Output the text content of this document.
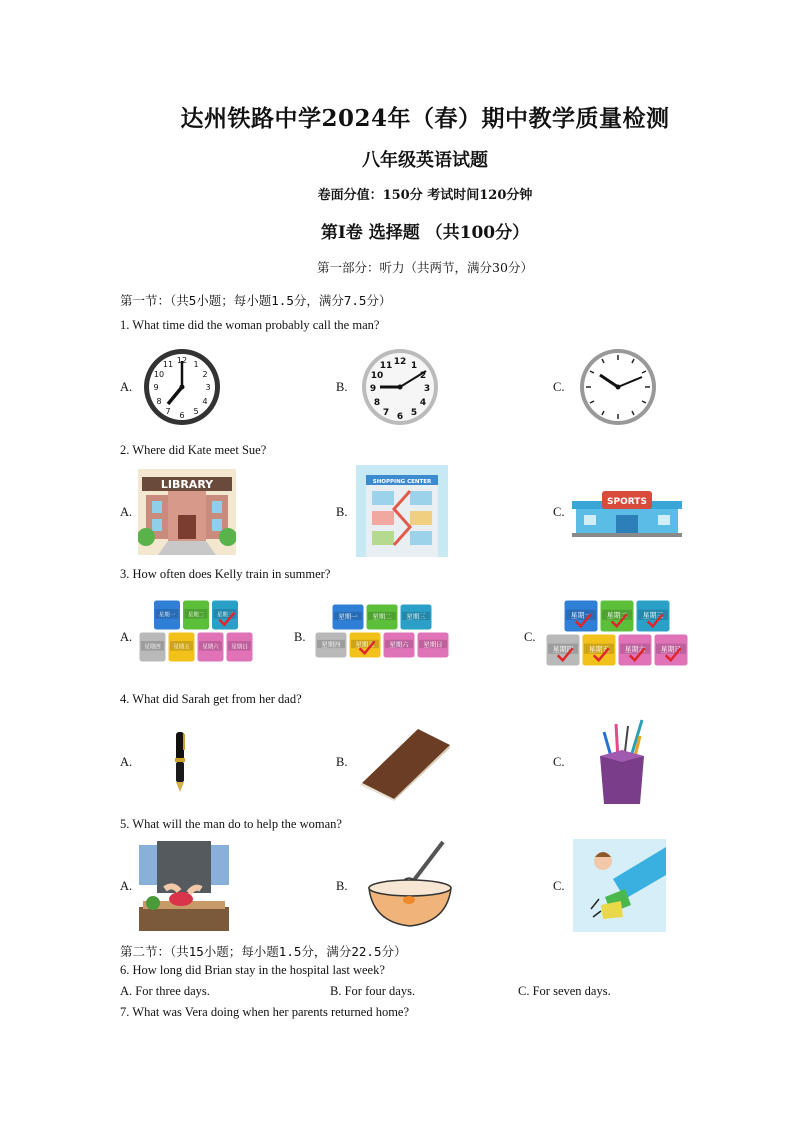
达州铁路中学2024年（春）期中教学质量检测
八年级英语试题
卷面分值：150分 考试时间120分钟
第Ⅰ卷 选择题 （共100分）
第一部分：听力（共两节，满分30分）
第一节：（共5小题；每小题1.5分，满分7.5分）
1. What time did the woman probably call the man?
A.	B.	C.
12
3
6
9
1
2
4
5
7
8
10
11	12
3
6
9
1
2
4
5
7
8
10
11
2. Where did Kate meet Sue?
A.	B.	C.
LIBRARY	SHOPPING CENTER
SPORTS
3. How often does Kelly train in summer?
A.	B.	C.
星期一 星期二 星期三
星期四 星期五 星期六 星期日
星期一 星期二 星期三
星期四 星期五 星期六 星期日
星期一 星期二 星期三
星期四 星期五 星期六 星期日
4. What did Sarah get from her dad?
A.	B.	C.
5. What will the man do to help the woman?
A.	B.	C.
第二节：（共15小题；每小题1.5分，满分22.5分）
6. How long did Brian stay in the hospital last week?
A. For three days.	B. For four days.	C. For seven days.
7. What was Vera doing when her parents returned home?
